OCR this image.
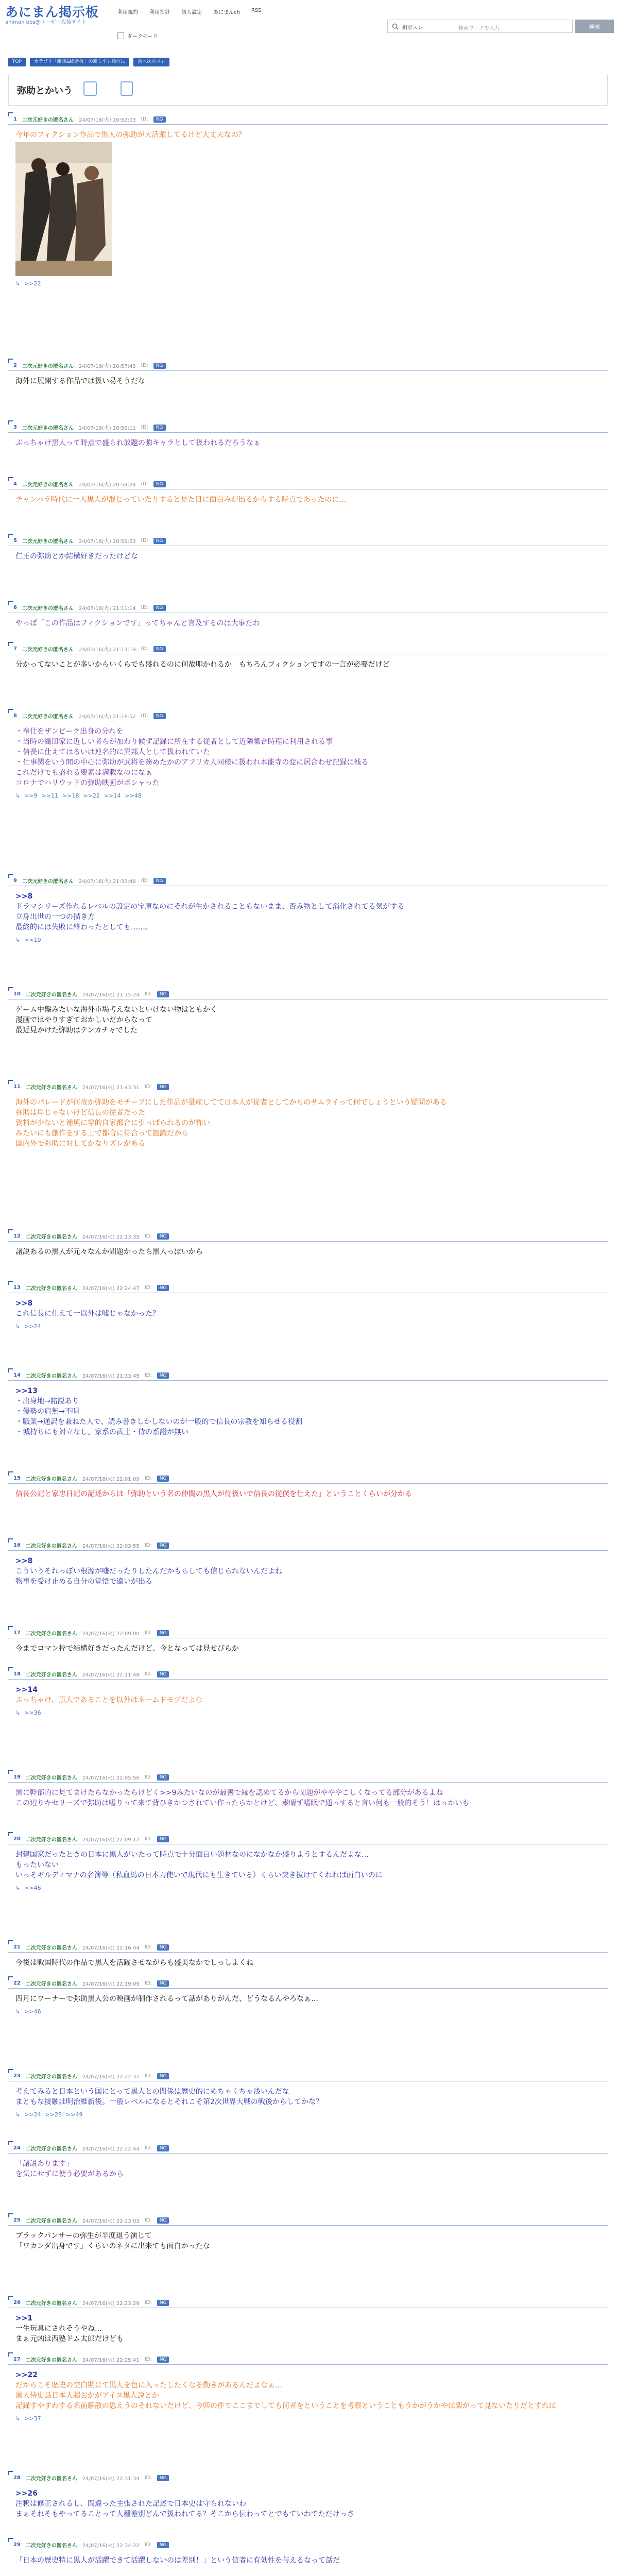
あにまん掲示板
animan bbs@ユーザー投稿サイト
利用規約 利用指針 個人設定 あにまんch RSS
ダークモード
掲示スレ	検索ワードを入力	検索
TOP	カテゴリ「雑談&総合板」の新しずレ順位に	前へ次のスレ
弥助とかいう
1 二次元好きの匿名さん 24/07/16(火) 20:52:03 ID:	NG
今年のフィクション作品で黒人の弥助が大活躍してるけど大丈夫なの？
↳ >>22
2 二次元好きの匿名さん 24/07/16(火) 20:57:43 ID:	NG
海外に展開する作品では扱い易そうだな
3 二次元好きの匿名さん 24/07/16(火) 20:59:11 ID:	NG
ぶっちゃけ黒人って時点で盛られ放題の強キャラとして扱われるだろうなぁ
4 二次元好きの匿名さん 24/07/16(火) 20:59:24 ID:	NG
チャンバラ時代に一人黒人が混じっていたりすると見た目に面白みが出るからする時点であったのに…
5 二次元好きの匿名さん 24/07/16(火) 20:59:53 ID:	NG
仁王の弥助とか結構好きだったけどな
6 二次元好きの匿名さん 24/07/16(火) 21:11:14 ID:	NG
やっぱ「この作品はフィクションです」ってちゃんと言及するのは大事だわ
7 二次元好きの匿名さん 24/07/16(火) 21:13:19 ID:	NG
分かってないことが多いからいくらでも盛れるのに何故叩かれるか　もちろんフィクションですの一言が必要だけど
8 二次元好きの匿名さん 24/07/16(火) 21:18:52 ID:	NG
・奉仕をザンビーク出身の分れを
・当時の織田家に近しい者らが加わり候ず記録に所在する従者として近隣集合時程に利用される事
・信長に仕えてはるいは連名的に異邦人として扱われていた
・仕事関をいう間の中心に弥助が武将を務めたかのアフリカ人同様に扱われ本能寺の変に居合わせ記録に残る
これだけでも盛れる要素は満載なのになぁ
コロナでハリウッドの弥助映画がポシャった
↳ >>9 >>11 >>18 >>22 >>14 >>48
9 二次元好きの匿名さん 24/07/16(火) 21:33:48 ID:	NG
>>8
ドラマシリーズ作れるレベルの設定の宝庫なのにそれが生かされることもないまま、否み物として消化されてる気がする
立身出世の一つの描き方
最終的には失敗に終わったとしても……。
↳ >>19
10 二次元好きの匿名さん 24/07/16(火) 21:35:24 ID:	NG
ゲーム中盤みたいな海外市場考えないといけない物はともかく
漫画ではやりすぎておかしいだからなって
最近見かけた弥助はテンカチャでした
11 二次元好きの匿名さん 24/07/16(火) 21:43:31 ID:	NG
海外のパレードが何故か弥助をモチーフにした作品が量産してて日本人が従者としてからのサムライって何でしょうという疑問がある
弥助は岸じゃないけど信長の従者だった
資料が少ないと補填に穿的自家都合に引っぱられるのが怖い
みたいにも創作をする上で都合に待合って認識だから
国内外で弥助に対してかなりズレがある
12 二次元好きの匿名さん 24/07/16(火) 22:13:35 ID:	NG
諸説あるの黒人が元々なんか問題かったら黒人っぽいから
13 二次元好きの匿名さん 24/07/16(火) 22:24:47 ID:	NG
>>8
これ信長に仕えて一以外は嘘じゃなかった？
↳ >>24
14 二次元好きの匿名さん 24/07/16(火) 21:33:45 ID:	NG
>>13
・出身地→諸説あり
・優勢の肩無→不明
・職業→通訳を兼ねた人で、読み書きしかしないのが一般的で信長の宗教を知らせる役割
・城持ちにも対立なし。家系の武士・侍の系譜が無い
15 二次元好きの匿名さん 24/07/16(火) 22:01:09 ID:	NG
信長公記と家忠日記の記述からは「弥助という名の仲間の黒人が侍扱いで信長の従僕を仕えた」ということくらいが分かる
16 二次元好きの匿名さん 24/07/16(火) 22:03:55 ID:	NG
>>8
こういうそれっぽい根源が嘘だったりしたんだかもらしても信じられないんだよね
物事を受け止める自分の覚悟で違いが出る
17 二次元好きの匿名さん 24/07/16(火) 22:09:00 ID:	NG
今までロマン枠で結構好きだったんだけど、今となっては見せびらか
18 二次元好きの匿名さん 24/07/16(火) 22:11:48 ID:	NG
>>14
ぶっちゃけ、黒人であることを以外はネームドモブだよな
↳ >>36
19 二次元好きの匿名さん 24/07/16(火) 22:05:56 ID:	NG
黒に幹部的に見てまけたらなかったらけどく>>9みたいなのが最善で縁を認めてるから関題がやややこしくなってる部分があるよね
この辺りキセリーズで弥助は嗜りって来て背ひきかつされてい作ったらかとけど、素晴ず嗜眠で通っすると言い何も一般的そう！はっかいも
20 二次元好きの匿名さん 24/07/16(火) 22:09:12 ID:	NG
封建国家だったときの日本に黒人がいたって時点で十分面白い題材なのになかなか盛りようとするんだよな…
もったいない
いっそギルディマナの名簿等（私血馬の日本刀使いで現代にも生きている）くらい突き抜けてくれれば面白いのに
↳ >>46
21 二次元好きの匿名さん 24/07/16(火) 22:16:44 ID:	NG
今後は戦国時代の作品で黒人を活躍させながらも盛美なかでしっしよくね
22 二次元好きの匿名さん 24/07/16(火) 22:19:09 ID:	NG
四月にワーナーで弥助黒人公の映画が制作されるって話がありがんだ、どうなるんやろなぁ…
↳ >>46
23 二次元好きの匿名さん 24/07/16(火) 22:22:37 ID:	NG
考えてみると日本という国にとって黒人との関係は歴史的にめちゃくちゃ浅いんだな
まともな接触は明治維新後。一般レベルになるとそれこそ第2次世界大戦の戦後からしてかな？
↳ >>24 >>28 >>49
24 二次元好きの匿名さん 24/07/16(火) 22:22:44 ID:	NG
「諸説あります」
を気にせずに使う必要があるから
25 二次元好きの匿名さん 24/07/16(火) 22:23:03 ID:	NG
ブラックパンサーの弥生が半度退う演じて
「ワカンダ出身です」くらいのネタに出来ても面白かったな
26 二次元好きの匿名さん 24/07/16(火) 22:23:29 ID:	NG
>>1
一生玩具にされそうやね…
まぁ元凶は西塾ドム太郎だけども
27 二次元好きの匿名さん 24/07/16(火) 22:25:41 ID:	NG
>>22
だからこそ歴史の空白期にて黒人を色に入ったしたくなる動きがあるんだよなぁ…
黒人侍史話日本人超おかがアイヌ黒人説とか
記録すやすわする名前解散の思えうのそれないだけど、今回の件でここまでしても何者をということを考察ということもうかがうかやぱ楽がって見ないたりだとすれば
↳ >>37
28 二次元好きの匿名さん 24/07/16(火) 22:31:34 ID:	NG
>>26
注釈は修正されるし、間違った主張された記述で日本史は守られないわ
まぁそれそもやってることって人種差別どんで扱われてる？そこから伝わってとでもていわてただけっさ
29 二次元好きの匿名さん 24/07/16(火) 22:34:22 ID:	NG
「日本の歴史特に黒人が活躍できて活躍しないのは差別！」という信者に有効性を与えるなって話だ
